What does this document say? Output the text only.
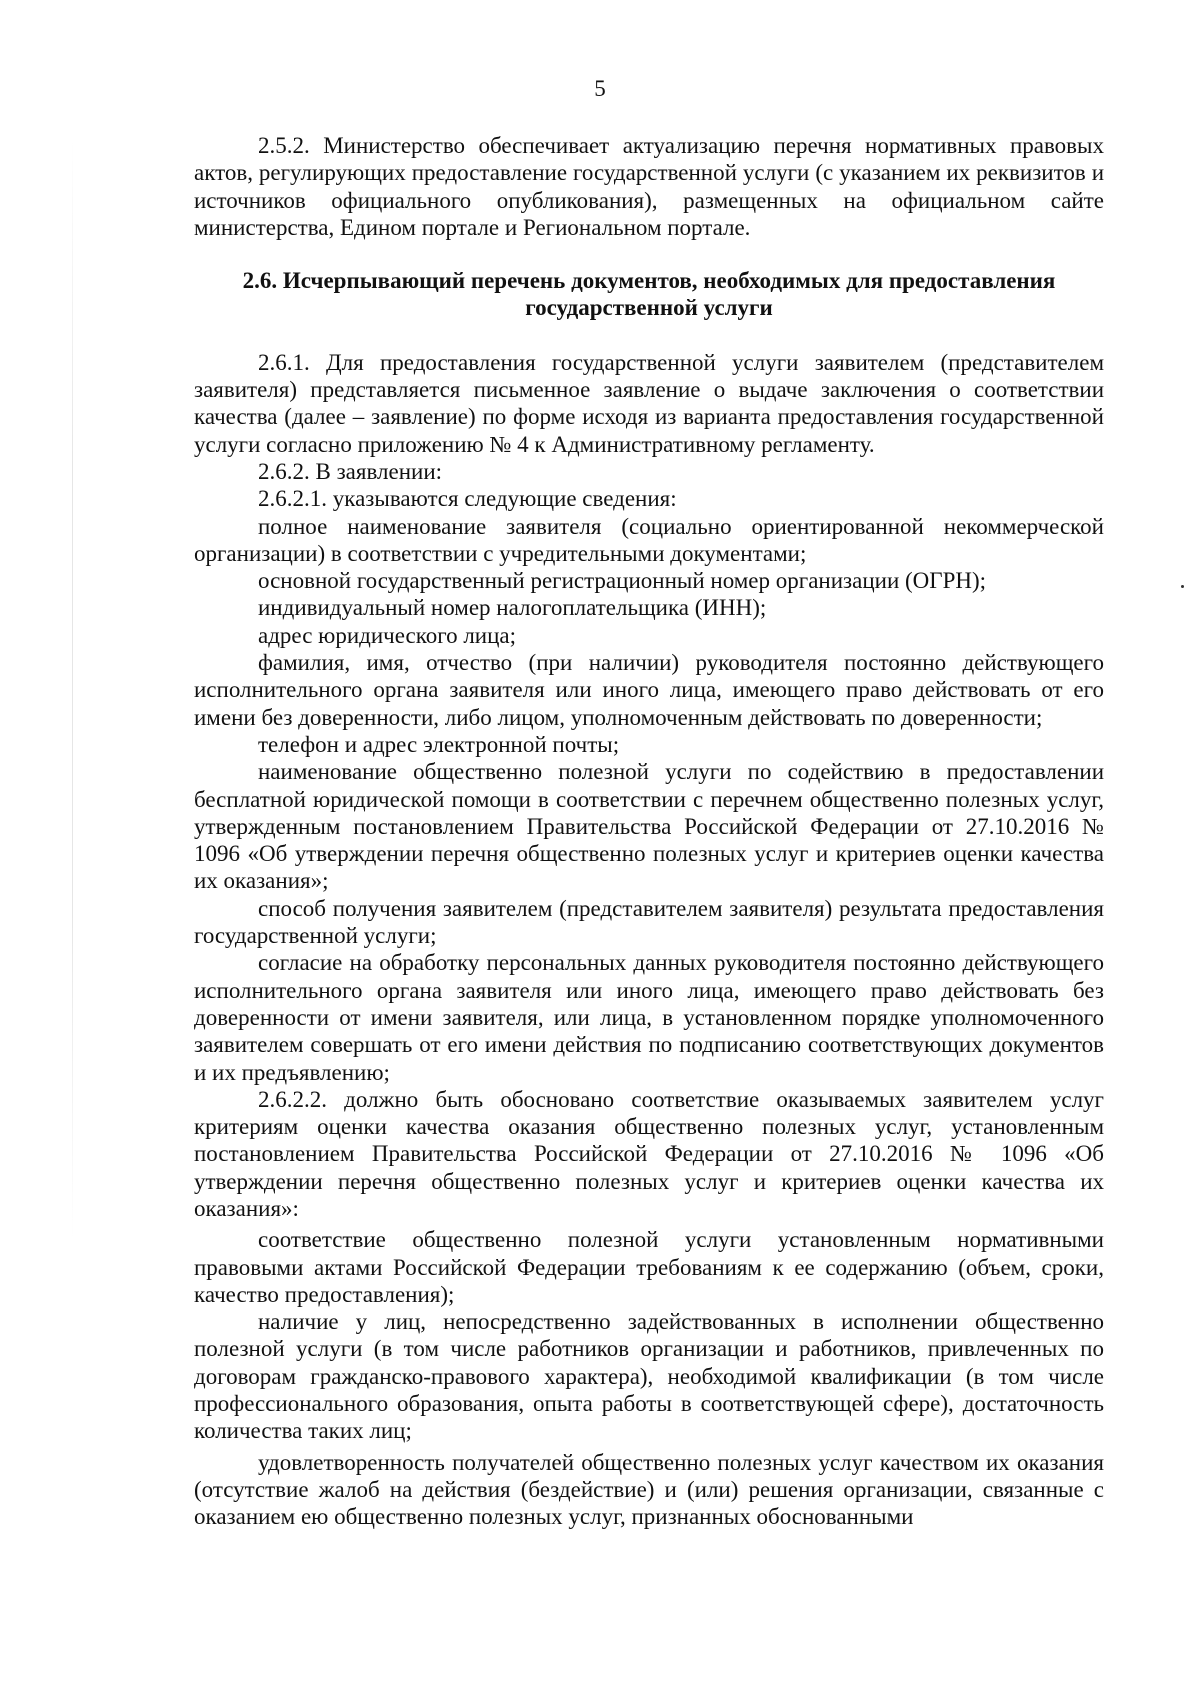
5

2.5.2. Министерство обеспечивает актуализацию перечня нормативных правовых актов, регулирующих предоставление государственной услуги (с указанием их реквизитов и источников официального опубликования), размещенных на официальном сайте министерства, Едином портале и Региональном портале.

2.6. Исчерпывающий перечень документов, необходимых для предоставления
государственной услуги

2.6.1. Для предоставления государственной услуги заявителем (представителем заявителя) представляется письменное заявление о выдаче заключения о соответствии качества (далее – заявление) по форме исходя из варианта предоставления государственной услуги согласно приложению № 4 к Административному регламенту.

2.6.2. В заявлении:

2.6.2.1. указываются следующие сведения:

полное наименование заявителя (социально ориентированной некоммерческой организации) в соответствии с учредительными документами;

основной государственный регистрационный номер организации (ОГРН);

индивидуальный номер налогоплательщика (ИНН);

адрес юридического лица;

фамилия, имя, отчество (при наличии) руководителя постоянно действующего исполнительного органа заявителя или иного лица, имеющего право действовать от его имени без доверенности, либо лицом, уполномоченным действовать по доверенности;

телефон и адрес электронной почты;

наименование общественно полезной услуги по содействию в предоставлении бесплатной юридической помощи в соответствии с перечнем общественно полезных услуг, утвержденным постановлением Правительства Российской Федерации от 27.10.2016 № 1096 «Об утверждении перечня общественно полезных услуг и критериев оценки качества их оказания»;

способ получения заявителем (представителем заявителя) результата предоставления государственной услуги;

согласие на обработку персональных данных руководителя постоянно действующего исполнительного органа заявителя или иного лица, имеющего право действовать без доверенности от имени заявителя, или лица, в установленном порядке уполномоченного заявителем совершать от его имени действия по подписанию соответствующих документов и их предъявлению;

2.6.2.2. должно быть обосновано соответствие оказываемых заявителем услуг критериям оценки качества оказания общественно полезных услуг, установленным постановлением Правительства Российской Федерации от 27.10.2016 № 1096 «Об утверждении перечня общественно полезных услуг и критериев оценки качества их оказания»:

соответствие общественно полезной услуги установленным нормативными правовыми актами Российской Федерации требованиям к ее содержанию (объем, сроки, качество предоставления);

наличие у лиц, непосредственно задействованных в исполнении общественно полезной услуги (в том числе работников организации и работников, привлеченных по договорам гражданско-правового характера), необходимой квалификации (в том числе профессионального образования, опыта работы в соответствующей сфере), достаточность количества таких лиц;

удовлетворенность получателей общественно полезных услуг качеством их оказания (отсутствие жалоб на действия (бездействие) и (или) решения организации, связанные с оказанием ею общественно полезных услуг, признанных обоснованными
